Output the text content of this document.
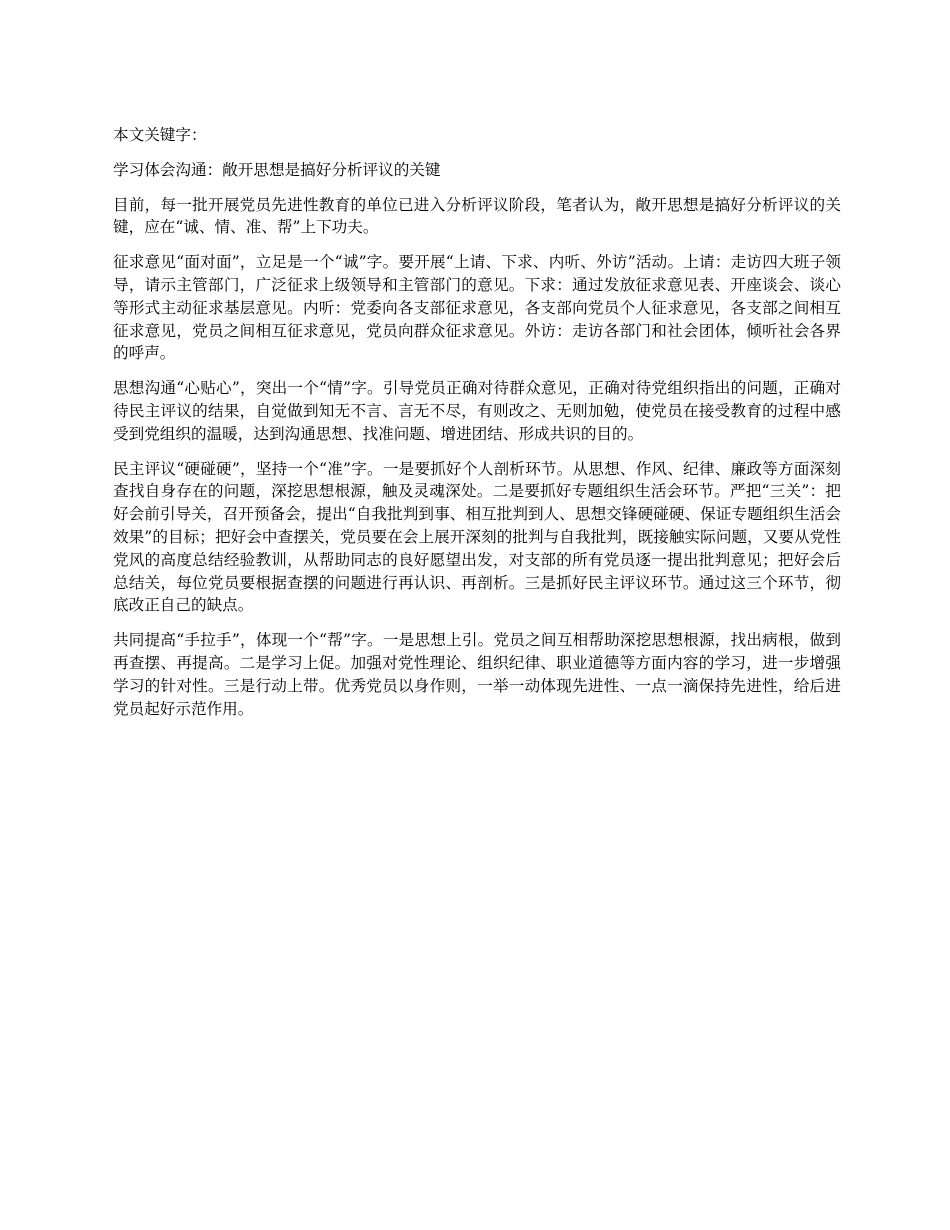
本文关键字：

学习体会沟通：敞开思想是搞好分析评议的关键

目前，每一批开展党员先进性教育的单位已进入分析评议阶段，笔者认为，敞开思想是搞好分析评议的关键，应在“诚、情、准、帮”上下功夫。

征求意见“面对面”，立足是一个“诚”字。要开展“上请、下求、内听、外访”活动。上请：走访四大班子领导，请示主管部门，广泛征求上级领导和主管部门的意见。下求：通过发放征求意见表、开座谈会、谈心等形式主动征求基层意见。内听：党委向各支部征求意见，各支部向党员个人征求意见，各支部之间相互征求意见，党员之间相互征求意见，党员向群众征求意见。外访：走访各部门和社会团体，倾听社会各界的呼声。

思想沟通“心贴心”，突出一个“情”字。引导党员正确对待群众意见，正确对待党组织指出的问题，正确对待民主评议的结果，自觉做到知无不言、言无不尽，有则改之、无则加勉，使党员在接受教育的过程中感受到党组织的温暖，达到沟通思想、找准问题、增进团结、形成共识的目的。

民主评议“硬碰硬”，坚持一个“准”字。一是要抓好个人剖析环节。从思想、作风、纪律、廉政等方面深刻查找自身存在的问题，深挖思想根源，触及灵魂深处。二是要抓好专题组织生活会环节。严把“三关”：把好会前引导关，召开预备会，提出“自我批判到事、相互批判到人、思想交锋硬碰硬、保证专题组织生活会效果”的目标；把好会中查摆关，党员要在会上展开深刻的批判与自我批判，既接触实际问题，又要从党性党风的高度总结经验教训，从帮助同志的良好愿望出发，对支部的所有党员逐一提出批判意见；把好会后总结关，每位党员要根据查摆的问题进行再认识、再剖析。三是抓好民主评议环节。通过这三个环节，彻底改正自己的缺点。

共同提高“手拉手”，体现一个“帮”字。一是思想上引。党员之间互相帮助深挖思想根源，找出病根，做到再查摆、再提高。二是学习上促。加强对党性理论、组织纪律、职业道德等方面内容的学习，进一步增强学习的针对性。三是行动上带。优秀党员以身作则，一举一动体现先进性、一点一滴保持先进性，给后进党员起好示范作用。
